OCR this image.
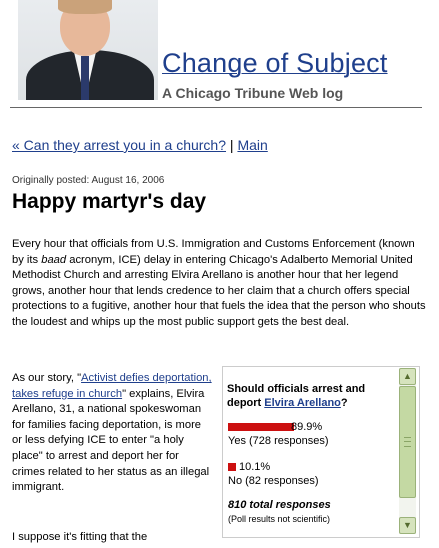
Change of Subject
A Chicago Tribune Web log
« Can they arrest you in a church? | Main
Originally posted: August 16, 2006
Happy martyr's day
Every hour that officials from U.S. Immigration and Customs Enforcement (known by its baad acronym, ICE) delay in entering Chicago's Adalberto Memorial United Methodist Church and arresting Elvira Arellano is another hour that her legend grows, another hour that lends credence to her claim that a church offers special protections to a fugitive, another hour that fuels the idea that the person who shouts the loudest and whips up the most public support gets the best deal.
As our story, "Activist defies deportation, takes refuge in church" explains, Elvira Arellano, 31, a national spokeswoman for families facing deportation, is more or less defying ICE to enter "a holy place" to arrest and deport her for crimes related to her status as an illegal immigrant.
I suppose it's fitting that the
Should officials arrest and deport Elvira Arellano?
89.9%
Yes (728 responses)
10.1%
No (82 responses)
810 total responses
(Poll results not scientific)
▲
▼
